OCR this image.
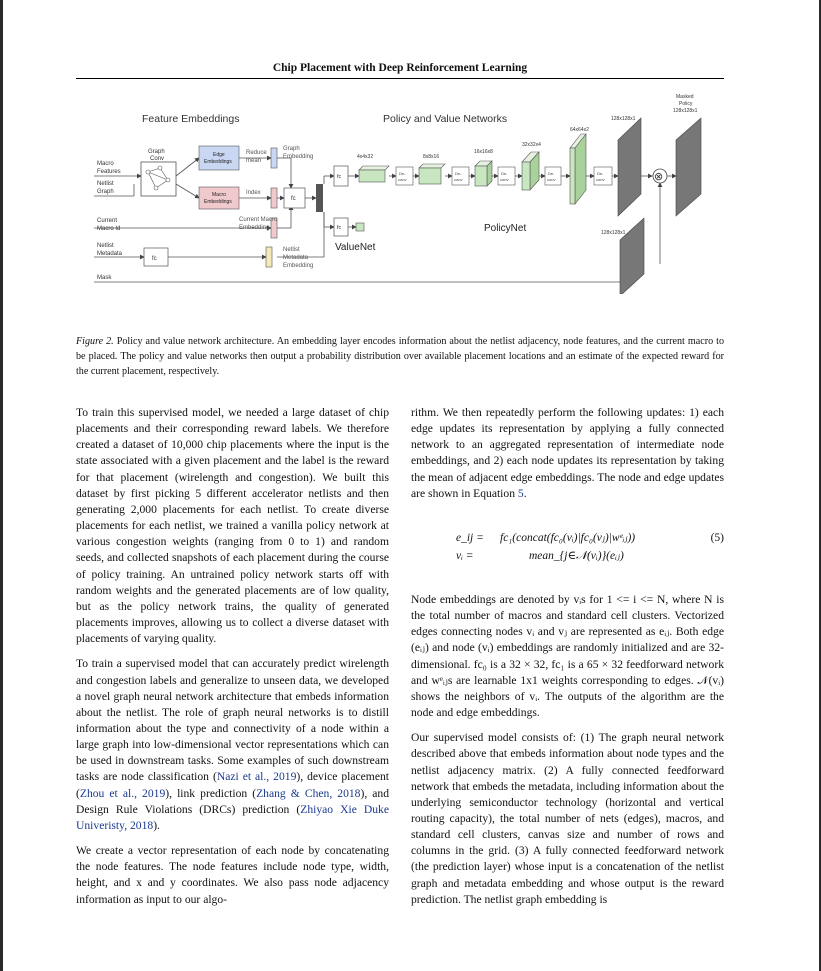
Chip Placement with Deep Reinforcement Learning
Feature Embeddings	Policy and Value Networks
Macro
Features
Netlist
Graph
Current
Macro Id
Netlist
Metadata
Mask
Graph
Conv
Edge
Embeddings
Macro
Embeddings
Reduce
mean
Index
Graph
Embedding
Current Macro
Embedding
Netlist
Metadata
Embedding
fc
fc
fc
fc
ValueNet
4x4x32
De-
conv
8x8x16
De-
conv
16x16x8
De-
conv
32x32x4
De-
conv
64x64x2
De-
conv
128x128x1
128x128x1
⊗
Masked
Policy
128x128x1
PolicyNet
Figure 2. Policy and value network architecture. An embedding layer encodes information about the netlist adjacency, node features, and the current macro to be placed. The policy and value networks then output a probability distribution over available placement locations and an estimate of the expected reward for the current placement, respectively.

To train this supervised model, we needed a large dataset of chip placements and their corresponding reward labels. We therefore created a dataset of 10,000 chip placements where the input is the state associated with a given placement and the label is the reward for that placement (wirelength and congestion). We built this dataset by first picking 5 different accelerator netlists and then generating 2,000 placements for each netlist. To create diverse placements for each netlist, we trained a vanilla policy network at various congestion weights (ranging from 0 to 1) and random seeds, and collected snapshots of each placement during the course of policy training. An untrained policy network starts off with random weights and the generated placements are of low quality, but as the policy network trains, the quality of generated placements improves, allowing us to collect a diverse dataset with placements of varying quality.

To train a supervised model that can accurately predict wirelength and congestion labels and generalize to unseen data, we developed a novel graph neural network architecture that embeds information about the netlist. The role of graph neural networks is to distill information about the type and connectivity of a node within a large graph into low-dimensional vector representations which can be used in downstream tasks. Some examples of such downstream tasks are node classification (Nazi et al., 2019), device placement (Zhou et al., 2019), link prediction (Zhang & Chen, 2018), and Design Rule Violations (DRCs) prediction (Zhiyao Xie Duke Univeristy, 2018).

We create a vector representation of each node by concatenating the node features. The node features include node type, width, height, and x and y coordinates. We also pass node adjacency information as input to our algo-

rithm. We then repeatedly perform the following updates: 1) each edge updates its representation by applying a fully connected network to an aggregated representation of intermediate node embeddings, and 2) each node updates its representation by taking the mean of adjacent edge embeddings. The node and edge updates are shown in Equation 5.

e_ij = fc₁(concat(fc₀(vᵢ)|fc₀(vⱼ)|wᵉᵢⱼ))
vᵢ =	mean_{j∈𝒩(vᵢ)}(eᵢⱼ)
(5)

Node embeddings are denoted by vᵢs for 1 <= i <= N, where N is the total number of macros and standard cell clusters. Vectorized edges connecting nodes vᵢ and vⱼ are represented as eᵢⱼ. Both edge (eᵢⱼ) and node (vᵢ) embeddings are randomly initialized and are 32-dimensional. fc₀ is a 32 × 32, fc₁ is a 65 × 32 feedforward network and wᵉᵢⱼs are learnable 1x1 weights corresponding to edges. 𝒩(vᵢ) shows the neighbors of vᵢ. The outputs of the algorithm are the node and edge embeddings.

Our supervised model consists of: (1) The graph neural network described above that embeds information about node types and the netlist adjacency matrix. (2) A fully connected feedforward network that embeds the metadata, including information about the underlying semiconductor technology (horizontal and vertical routing capacity), the total number of nets (edges), macros, and standard cell clusters, canvas size and number of rows and columns in the grid. (3) A fully connected feedforward network (the prediction layer) whose input is a concatenation of the netlist graph and metadata embedding and whose output is the reward prediction. The netlist graph embedding is
